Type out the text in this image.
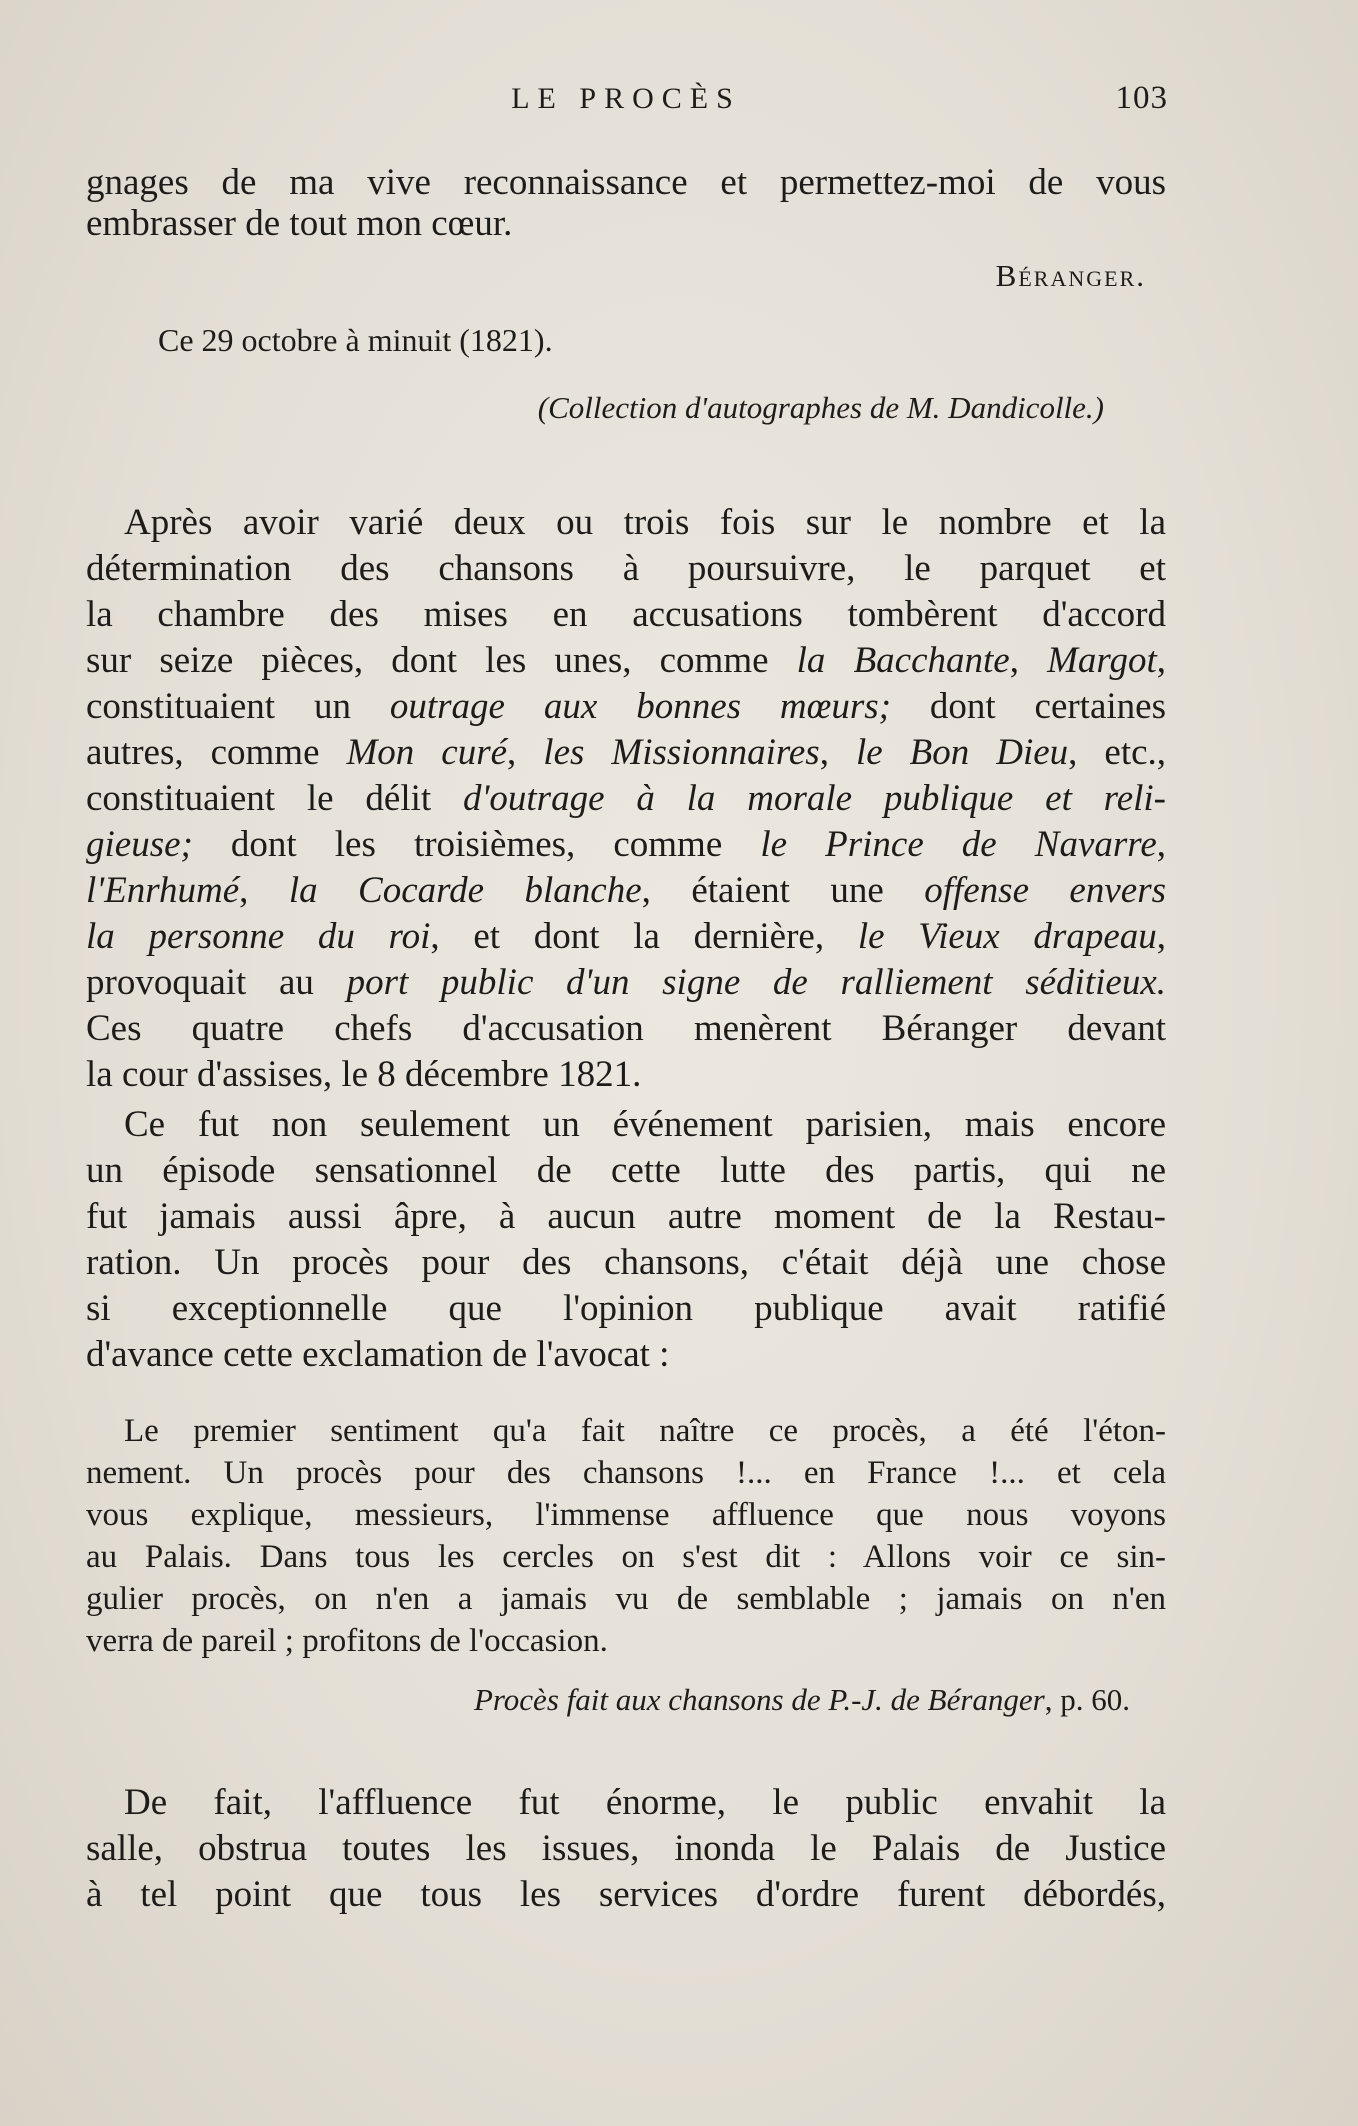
LE PROCÈS	103
gnages de ma vive reconnaissance et permettez-moi de vous
embrasser de tout mon cœur.
Béranger.
Ce 29 octobre à minuit (1821).
(Collection d'autographes de M. Dandicolle.)
Après avoir varié deux ou trois fois sur le nombre et la
détermination des chansons à poursuivre, le parquet et
la chambre des mises en accusations tombèrent d'accord
sur seize pièces, dont les unes, comme la Bacchante, Margot,
constituaient un outrage aux bonnes mœurs; dont certaines
autres, comme Mon curé, les Missionnaires, le Bon Dieu, etc.,
constituaient le délit d'outrage à la morale publique et reli-
gieuse; dont les troisièmes, comme le Prince de Navarre,
l'Enrhumé, la Cocarde blanche, étaient une offense envers
la personne du roi, et dont la dernière, le Vieux drapeau,
provoquait au port public d'un signe de ralliement séditieux.
Ces quatre chefs d'accusation menèrent Béranger devant
la cour d'assises, le 8 décembre 1821.
Ce fut non seulement un événement parisien, mais encore
un épisode sensationnel de cette lutte des partis, qui ne
fut jamais aussi âpre, à aucun autre moment de la Restau-
ration. Un procès pour des chansons, c'était déjà une chose
si exceptionnelle que l'opinion publique avait ratifié
d'avance cette exclamation de l'avocat :
Le premier sentiment qu'a fait naître ce procès, a été l'éton-
nement. Un procès pour des chansons !... en France !... et cela
vous explique, messieurs, l'immense affluence que nous voyons
au Palais. Dans tous les cercles on s'est dit : Allons voir ce sin-
gulier procès, on n'en a jamais vu de semblable ; jamais on n'en
verra de pareil ; profitons de l'occasion.
Procès fait aux chansons de P.-J. de Béranger, p. 60.
De fait, l'affluence fut énorme, le public envahit la
salle, obstrua toutes les issues, inonda le Palais de Justice
à tel point que tous les services d'ordre furent débordés,
